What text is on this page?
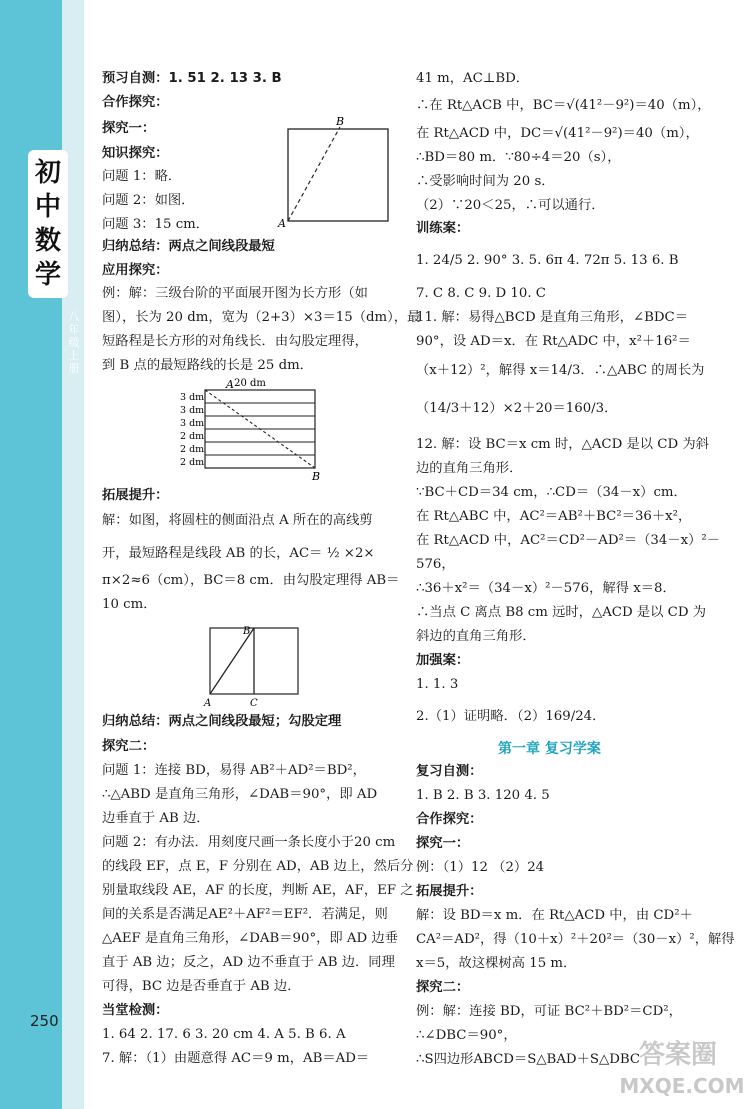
初中数学
八年级上册
250
预习自测：1. 51 2. 13 3. B
合作探究：
探究一：
知识探究：
问题 1：略．
问题 2：如图．
问题 3：15 cm．
归纳总结：两点之间线段最短
应用探究：
例：解：三级台阶的平面展开图为长方形（如
图），长为 20 dm，宽为（2+3）×3＝15（dm），最
短路程是长方形的对角线长．由勾股定理得，
到 B 点的最短路线的长是 25 dm．
拓展提升：
解：如图，将圆柱的侧面沿点 A 所在的高线剪
开，最短路程是线段 AB 的长，AC＝ ½ ×2×
π×2≈6（cm），BC＝8 cm．由勾股定理得 AB＝
10 cm．
归纳总结：两点之间线段最短；勾股定理
探究二：
问题 1：连接 BD，易得 AB²＋AD²＝BD²，
∴△ABD 是直角三角形，∠DAB＝90°，即 AD
边垂直于 AB 边．
问题 2：有办法．用刻度尺画一条长度小于20 cm
的线段 EF，点 E，F 分别在 AD，AB 边上，然后分
别量取线段 AE，AF 的长度，判断 AE，AF，EF 之
间的关系是否满足AE²＋AF²＝EF²．若满足，则
△AEF 是直角三角形，∠DAB＝90°，即 AD 边垂
直于 AB 边；反之，AD 边不垂直于 AB 边．同理
可得，BC 边是否垂直于 AB 边．
当堂检测：
1. 64 2. 17. 6 3. 20 cm 4. A 5. B 6. A
7. 解：（1）由题意得 AC＝9 m，AB＝AD＝
A
B
20 dm
A
3 dm
3 dm
3 dm
2 dm
2 dm
2 dm
B
B
A	C
41 m，AC⊥BD．
∴在 Rt△ACB 中，BC＝√(41²－9²)＝40（m），
在 Rt△ACD 中，DC＝√(41²－9²)＝40（m），
∴BD＝80 m．∵80÷4＝20（s），
∴受影响时间为 20 s．
（2）∵20＜25，∴可以通行．
训练案：
1. 24/5 2. 90° 3. 5. 6π 4. 72π 5. 13 6. B
7. C 8. C 9. D 10. C
11. 解：易得△BCD 是直角三角形，∠BDC＝
90°，设 AD＝x．在 Rt△ADC 中，x²＋16²＝
（x＋12）²，解得 x＝14/3．∴△ABC 的周长为
（14/3＋12）×2＋20＝160/3．
12. 解：设 BC＝x cm 时，△ACD 是以 CD 为斜
边的直角三角形．
∵BC＋CD＝34 cm，∴CD＝（34－x）cm．
在 Rt△ABC 中，AC²＝AB²＋BC²＝36＋x²，
在 Rt△ACD 中，AC²＝CD²－AD²＝（34－x）²－
576，
∴36＋x²＝（34－x）²－576，解得 x＝8．
∴当点 C 离点 B8 cm 远时，△ACD 是以 CD 为
斜边的直角三角形．
加强案：
1. 1. 3
2.（1）证明略．（2）169/24．
第一章 复习学案
复习自测：
1. B 2. B 3. 120 4. 5
合作探究：
探究一：
例：（1）12 （2）24
拓展提升：
解：设 BD＝x m．在 Rt△ACD 中，由 CD²＋
CA²＝AD²，得（10＋x）²＋20²＝（30－x）²，解得
x＝5，故这棵树高 15 m．
探究二：
例：解：连接 BD，可证 BC²＋BD²＝CD²，
∴∠DBC＝90°，
∴S四边形ABCD＝S△BAD＋S△DBC
答案圈
MXQE.COM
